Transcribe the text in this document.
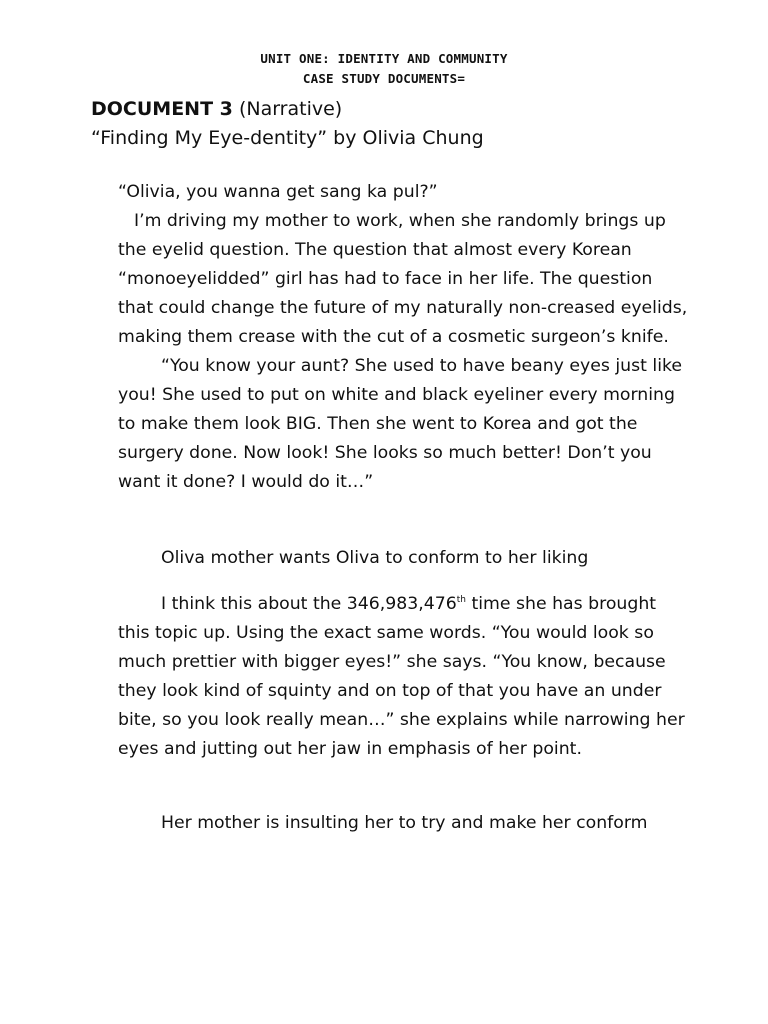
UNIT ONE: IDENTITY AND COMMUNITY
CASE STUDY DOCUMENTS=
DOCUMENT 3 (Narrative)
“Finding My Eye-dentity” by Olivia Chung

“Olivia, you wanna get sang ka pul?”

I’m driving my mother to work, when she randomly brings up the eyelid question. The question that almost every Korean “monoeyelidded” girl has had to face in her life. The question that could change the future of my naturally non-creased eyelids, making them crease with the cut of a cosmetic surgeon’s knife.

“You know your aunt? She used to have beany eyes just like you! She used to put on white and black eyeliner every morning to make them look BIG. Then she went to Korea and got the surgery done. Now look! She looks so much better! Don’t you want it done? I would do it…”

Oliva mother wants Oliva to conform to her liking

I think this about the 346,983,476th time she has brought this topic up. Using the exact same words. “You would look so much prettier with bigger eyes!” she says. “You know, because they look kind of squinty and on top of that you have an under bite, so you look really mean…” she explains while narrowing her eyes and jutting out her jaw in emphasis of her point.

Her mother is insulting her to try and make her conform
